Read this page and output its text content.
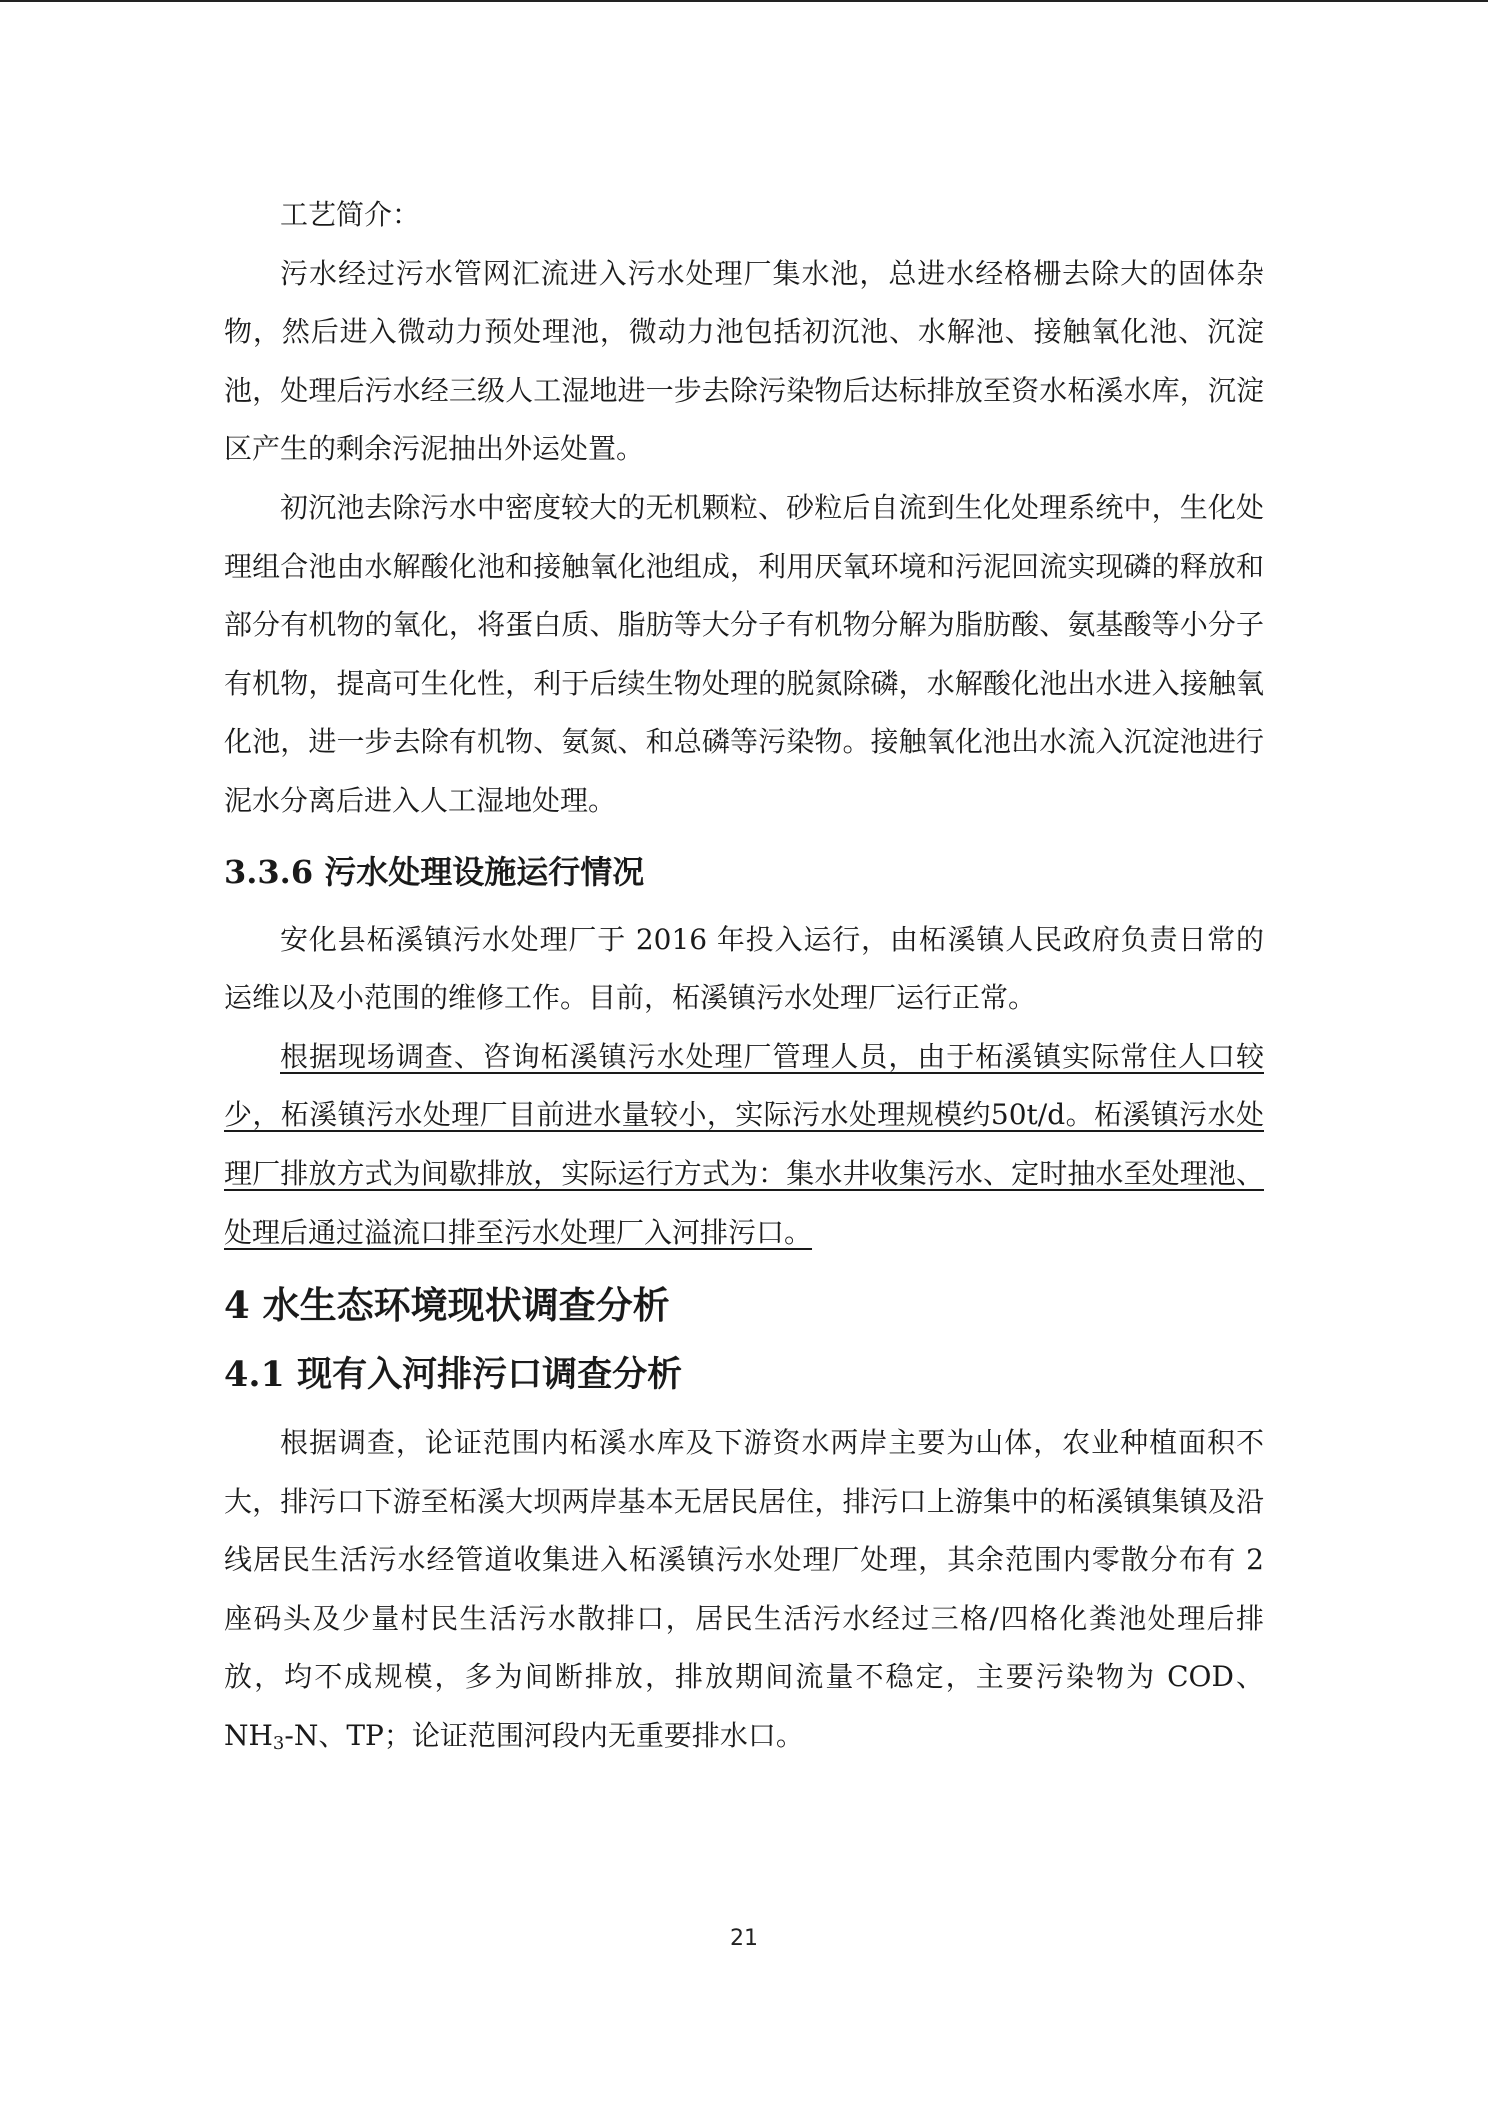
工艺简介：

污水经过污水管网汇流进入污水处理厂集水池，总进水经格栅去除大的固体杂物，然后进入微动力预处理池，微动力池包括初沉池、水解池、接触氧化池、沉淀池，处理后污水经三级人工湿地进一步去除污染物后达标排放至资水柘溪水库，沉淀区产生的剩余污泥抽出外运处置。

初沉池去除污水中密度较大的无机颗粒、砂粒后自流到生化处理系统中，生化处理组合池由水解酸化池和接触氧化池组成，利用厌氧环境和污泥回流实现磷的释放和部分有机物的氧化，将蛋白质、脂肪等大分子有机物分解为脂肪酸、氨基酸等小分子有机物，提高可生化性，利于后续生物处理的脱氮除磷，水解酸化池出水进入接触氧化池，进一步去除有机物、氨氮、和总磷等污染物。接触氧化池出水流入沉淀池进行泥水分离后进入人工湿地处理。

3.3.6 污水处理设施运行情况

安化县柘溪镇污水处理厂于 2016 年投入运行，由柘溪镇人民政府负责日常的运维以及小范围的维修工作。目前，柘溪镇污水处理厂运行正常。

根据现场调查、咨询柘溪镇污水处理厂管理人员，由于柘溪镇实际常住人口较少，柘溪镇污水处理厂目前进水量较小，实际污水处理规模约50t/d。柘溪镇污水处理厂排放方式为间歇排放，实际运行方式为：集水井收集污水、定时抽水至处理池、处理后通过溢流口排至污水处理厂入河排污口。

4 水生态环境现状调查分析
4.1 现有入河排污口调查分析

根据调查，论证范围内柘溪水库及下游资水两岸主要为山体，农业种植面积不大，排污口下游至柘溪大坝两岸基本无居民居住，排污口上游集中的柘溪镇集镇及沿线居民生活污水经管道收集进入柘溪镇污水处理厂处理，其余范围内零散分布有 2 座码头及少量村民生活污水散排口，居民生活污水经过三格/四格化粪池处理后排放，均不成规模，多为间断排放，排放期间流量不稳定，主要污染物为 COD、$NH_3-N$、TP；论证范围河段内无重要排水口。

21
